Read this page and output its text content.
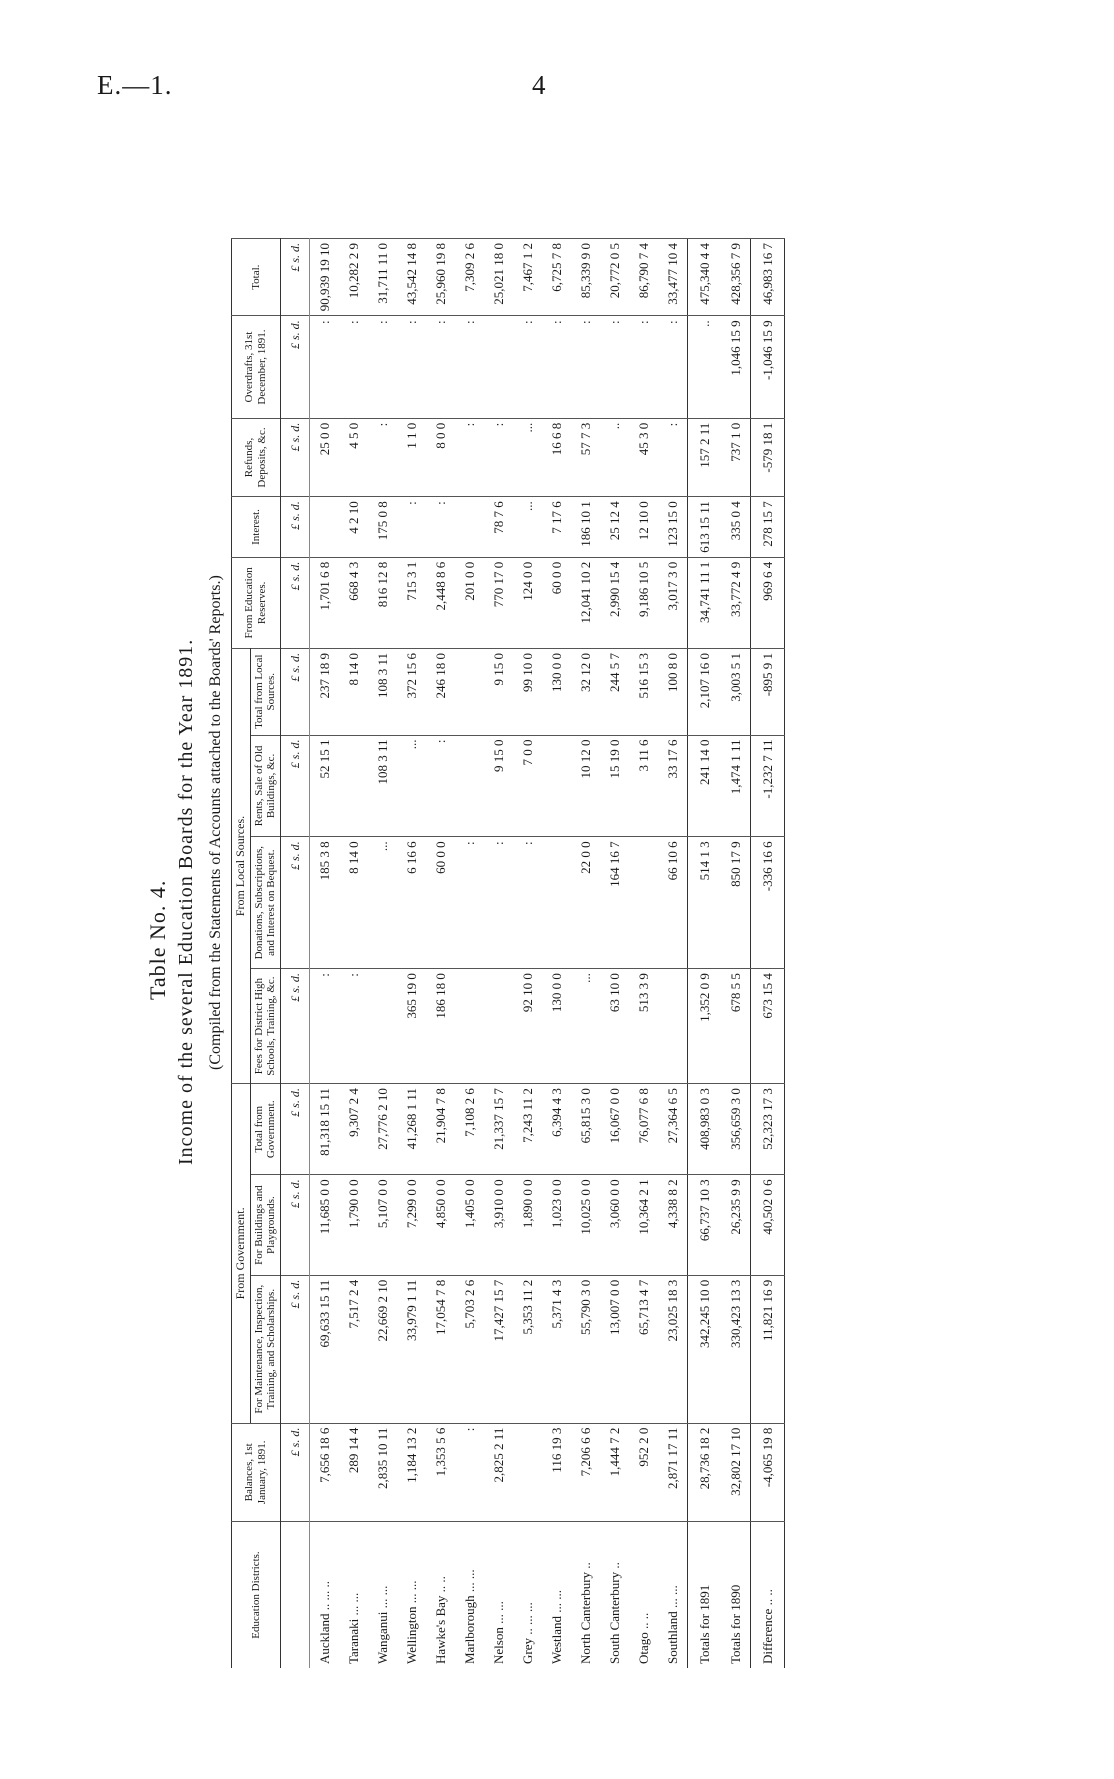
E.—1.	4
Table No. 4. Income of the several Education Boards for the Year 1891. (Compiled from the Statements of Accounts attached to the Boards' Reports.)
Education Districts.	Balances, 1st January, 1891.	From Government.			From Local Sources.				From Education Reserves.	Interest.	Refunds, Deposits, &c.	Overdrafts, 31st December, 1891.	Total.
		For Maintenance, Inspection, Training, and Scholarships.	For Buildings and Playgrounds.	Total from Government.	Fees for District High Schools, Training, &c.	Donations, Subscriptions, and Interest on Bequest.	Rents, Sale of Old Buildings, &c.	Total from Local Sources.					
	£ s. d.	£ s. d.	£ s. d.	£ s. d.	£ s. d.	£ s. d.	£ s. d.	£ s. d.	£ s. d.	£ s. d.	£ s. d.	£ s. d.	£ s. d.
Auckland .. ... ..	7,656 18 6	69,633 15 11	11,685 0 0	81,318 15 11	:	185 3 8	52 15 1	237 18 9	1,701 6 8		25 0 0	:	90,939 19 10
Taranaki ... ...	289 14 4	7,517 2 4	1,790 0 0	9,307 2 4	:	8 14 0		8 14 0	668 4 3	4 2 10	4 5 0	:	10,282 2 9
Wanganui ... ...	2,835 10 11	22,669 2 10	5,107 0 0	27,776 2 10		...	108 3 11	108 3 11	816 12 8	175 0 8	:	:	31,711 11 0
Wellington ... ...	1,184 13 2	33,979 1 11	7,299 0 0	41,268 1 11	365 19 0	6 16 6	...	372 15 6	715 3 1	:	1 1 0	:	43,542 14 8
Hawke's Bay .. ..	1,353 5 6	17,054 7 8	4,850 0 0	21,904 7 8	186 18 0	60 0 0	:	246 18 0	2,448 8 6	:	8 0 0	:	25,960 19 8
Marlborough ... ...	:	5,703 2 6	1,405 0 0	7,108 2 6		:			201 0 0		:	:	7,309 2 6
Nelson ... ...	2,825 2 11	17,427 15 7	3,910 0 0	21,337 15 7		:	9 15 0	9 15 0	770 17 0	78 7 6	:		25,021 18 0
Grey .. ... ...		5,353 11 2	1,890 0 0	7,243 11 2	92 10 0	:	7 0 0	99 10 0	124 0 0	...	...	:	7,467 1 2
Westland ... ...	116 19 3	5,371 4 3	1,023 0 0	6,394 4 3	130 0 0			130 0 0	60 0 0	7 17 6	16 6 8	:	6,725 7 8
North Canterbury ..	7,206 6 6	55,790 3 0	10,025 0 0	65,815 3 0	...	22 0 0	10 12 0	32 12 0	12,041 10 2	186 10 1	57 7 3	:	85,339 9 0
South Canterbury ..	1,444 7 2	13,007 0 0	3,060 0 0	16,067 0 0	63 10 0	164 16 7	15 19 0	244 5 7	2,990 15 4	25 12 4	..	:	20,772 0 5
Otago .. ..	952 2 0	65,713 4 7	10,364 2 1	76,077 6 8	513 3 9		3 11 6	516 15 3	9,186 10 5	12 10 0	45 3 0	:	86,790 7 4
Southland ... ...	2,871 17 11	23,025 18 3	4,338 8 2	27,364 6 5		66 10 6	33 17 6	100 8 0	3,017 3 0	123 15 0	:	:	33,477 10 4
Totals for 1891	28,736 18 2	342,245 10 0	66,737 10 3	408,983 0 3	1,352 0 9	514 1 3	241 14 0	2,107 16 0	34,741 11 1	613 15 11	157 2 11	..	475,340 4 4
Totals for 1890	32,802 17 10	330,423 13 3	26,235 9 9	356,659 3 0	678 5 5	850 17 9	1,474 1 11	3,003 5 1	33,772 4 9	335 0 4	737 1 0	1,046 15 9	428,356 7 9
Difference .. ..	-4,065 19 8	11,821 16 9	40,502 0 6	52,323 17 3	673 15 4	-336 16 6	-1,232 7 11	-895 9 1	969 6 4	278 15 7	-579 18 1	-1,046 15 9	46,983 16 7
